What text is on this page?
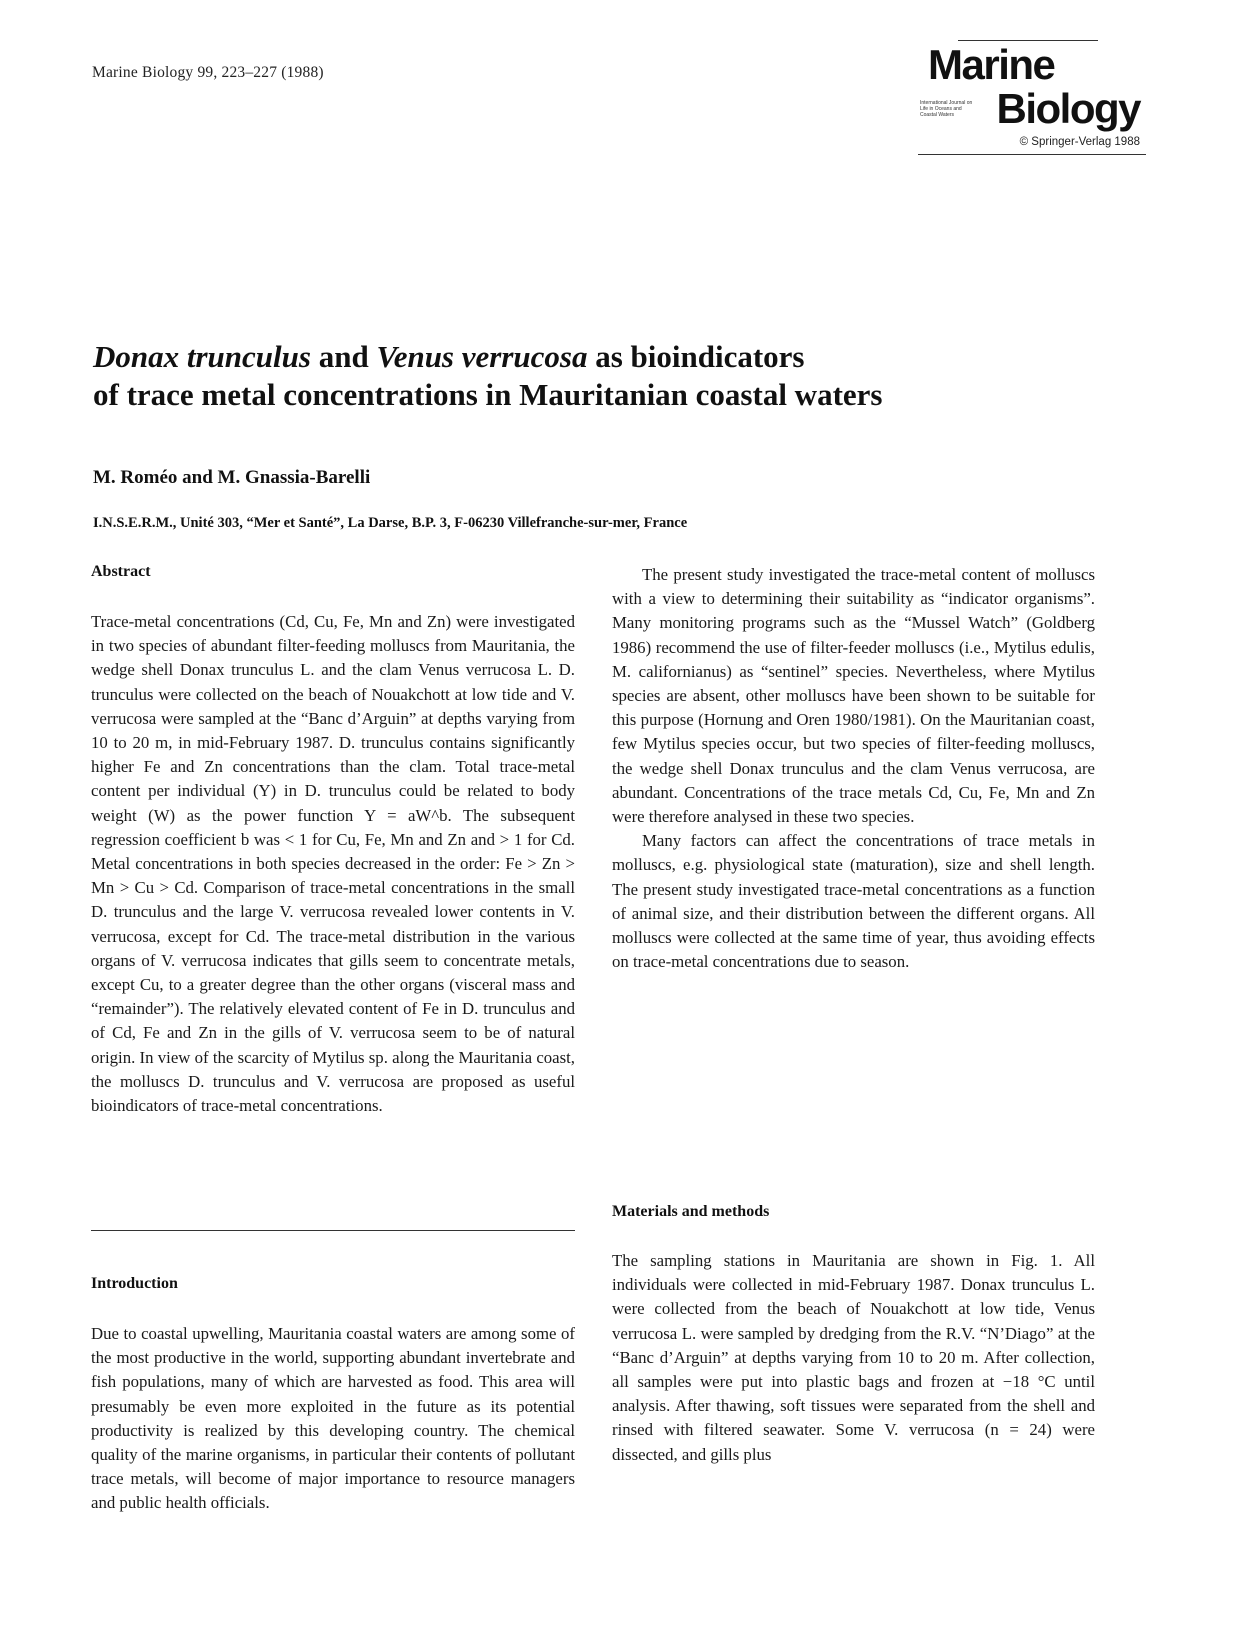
Marine Biology 99, 223–227 (1988)	Marine
International Journal on Life in Oceans and Coastal Waters	Biology
© Springer-Verlag 1988
Donax trunculus and Venus verrucosa as bioindicators
of trace metal concentrations in Mauritanian coastal waters
M. Roméo and M. Gnassia-Barelli
I.N.S.E.R.M., Unité 303, “Mer et Santé”, La Darse, B.P. 3, F-06230 Villefranche-sur-mer, France
Abstract

Trace-metal concentrations (Cd, Cu, Fe, Mn and Zn) were investigated in two species of abundant filter-feeding molluscs from Mauritania, the wedge shell Donax trunculus L. and the clam Venus verrucosa L. D. trunculus were collected on the beach of Nouakchott at low tide and V. verrucosa were sampled at the “Banc d’Arguin” at depths varying from 10 to 20 m, in mid-February 1987. D. trunculus contains significantly higher Fe and Zn concentrations than the clam. Total trace-metal content per individual (Y) in D. trunculus could be related to body weight (W) as the power function Y = aW^b. The subsequent regression coefficient b was < 1 for Cu, Fe, Mn and Zn and > 1 for Cd. Metal concentrations in both species decreased in the order: Fe > Zn > Mn > Cu > Cd. Comparison of trace-metal concentrations in the small D. trunculus and the large V. verrucosa revealed lower contents in V. verrucosa, except for Cd. The trace-metal distribution in the various organs of V. verrucosa indicates that gills seem to concentrate metals, except Cu, to a greater degree than the other organs (visceral mass and “remainder”). The relatively elevated content of Fe in D. trunculus and of Cd, Fe and Zn in the gills of V. verrucosa seem to be of natural origin. In view of the scarcity of Mytilus sp. along the Mauritania coast, the molluscs D. trunculus and V. verrucosa are proposed as useful bioindicators of trace-metal concentrations.

Introduction

Due to coastal upwelling, Mauritania coastal waters are among some of the most productive in the world, supporting abundant invertebrate and fish populations, many of which are harvested as food. This area will presumably be even more exploited in the future as its potential productivity is realized by this developing country. The chemical quality of the marine organisms, in particular their contents of pollutant trace metals, will become of major importance to resource managers and public health officials.

The present study investigated the trace-metal content of molluscs with a view to determining their suitability as “indicator organisms”. Many monitoring programs such as the “Mussel Watch” (Goldberg 1986) recommend the use of filter-feeder molluscs (i.e., Mytilus edulis, M. californianus) as “sentinel” species. Nevertheless, where Mytilus species are absent, other molluscs have been shown to be suitable for this purpose (Hornung and Oren 1980/1981). On the Mauritanian coast, few Mytilus species occur, but two species of filter-feeding molluscs, the wedge shell Donax trunculus and the clam Venus verrucosa, are abundant. Concentrations of the trace metals Cd, Cu, Fe, Mn and Zn were therefore analysed in these two species.

Many factors can affect the concentrations of trace metals in molluscs, e.g. physiological state (maturation), size and shell length. The present study investigated trace-metal concentrations as a function of animal size, and their distribution between the different organs. All molluscs were collected at the same time of year, thus avoiding effects on trace-metal concentrations due to season.

Materials and methods

The sampling stations in Mauritania are shown in Fig. 1. All individuals were collected in mid-February 1987. Donax trunculus L. were collected from the beach of Nouakchott at low tide, Venus verrucosa L. were sampled by dredging from the R.V. “N’Diago” at the “Banc d’Arguin” at depths varying from 10 to 20 m. After collection, all samples were put into plastic bags and frozen at −18 °C until analysis. After thawing, soft tissues were separated from the shell and rinsed with filtered seawater. Some V. verrucosa (n = 24) were dissected, and gills plus
